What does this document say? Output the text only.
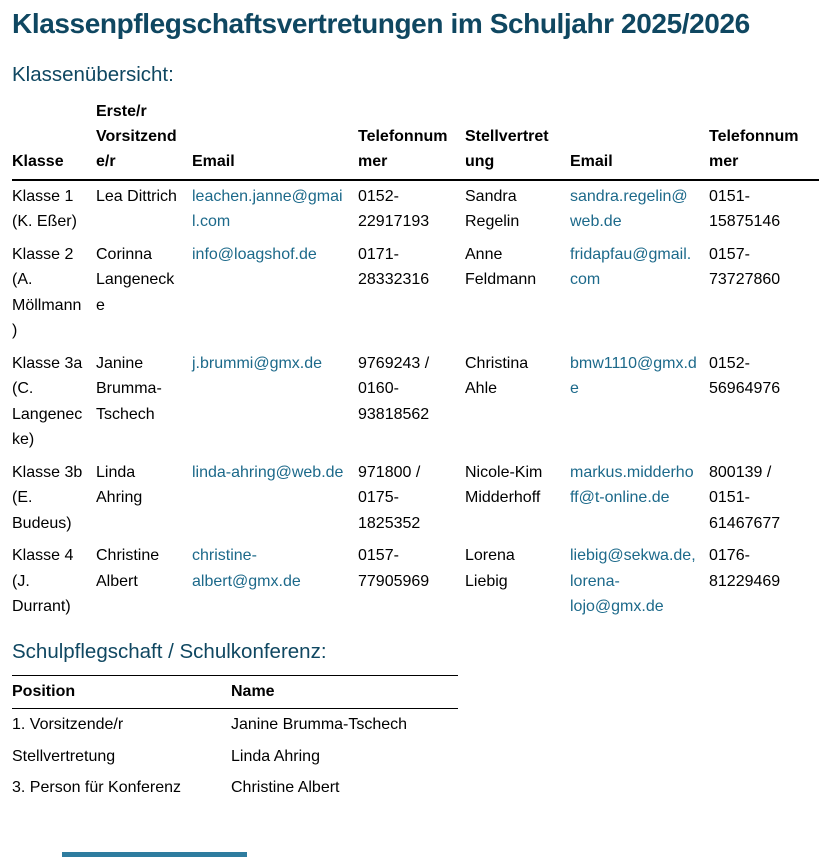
Klassenpflegschaftsvertretungen im Schuljahr 2025/2026
Klassenübersicht:
Klasse	Erste/r Vorsitzende/r	Email	Telefonnummer	Stellvertretung	Email	Telefonnummer
Klasse 1 (K. Eßer)	Lea Dittrich	leachen.janne@gmail.com	0152-22917193	Sandra Regelin	sandra.regelin@web.de	0151-15875146
Klasse 2 (A. Möllmann)	Corinna Langenecke	info@loagshof.de	0171-28332316	Anne Feldmann	fridapfau@gmail.com	0157-73727860
Klasse 3a (C. Langenecke)	Janine Brumma-Tschech	j.brummi@gmx.de	9769243 / 0160-93818562	Christina Ahle	bmw1110@gmx.de	0152-56964976
Klasse 3b (E. Budeus)	Linda Ahring	linda-ahring@web.de	971800 / 0175-1825352	Nicole-Kim Midderhoff	markus.midderhoff@t-online.de	800139 / 0151-61467677
Klasse 4 (J. Durrant)	Christine Albert	christine-albert@gmx.de	0157-77905969	Lorena Liebig	liebig@sekwa.de, lorena-lojo@gmx.de	0176-81229469
Schulpflegschaft / Schulkonferenz:
Position	Name
1. Vorsitzende/r	Janine Brumma-Tschech
Stellvertretung	Linda Ahring
3. Person für Konferenz	Christine Albert
